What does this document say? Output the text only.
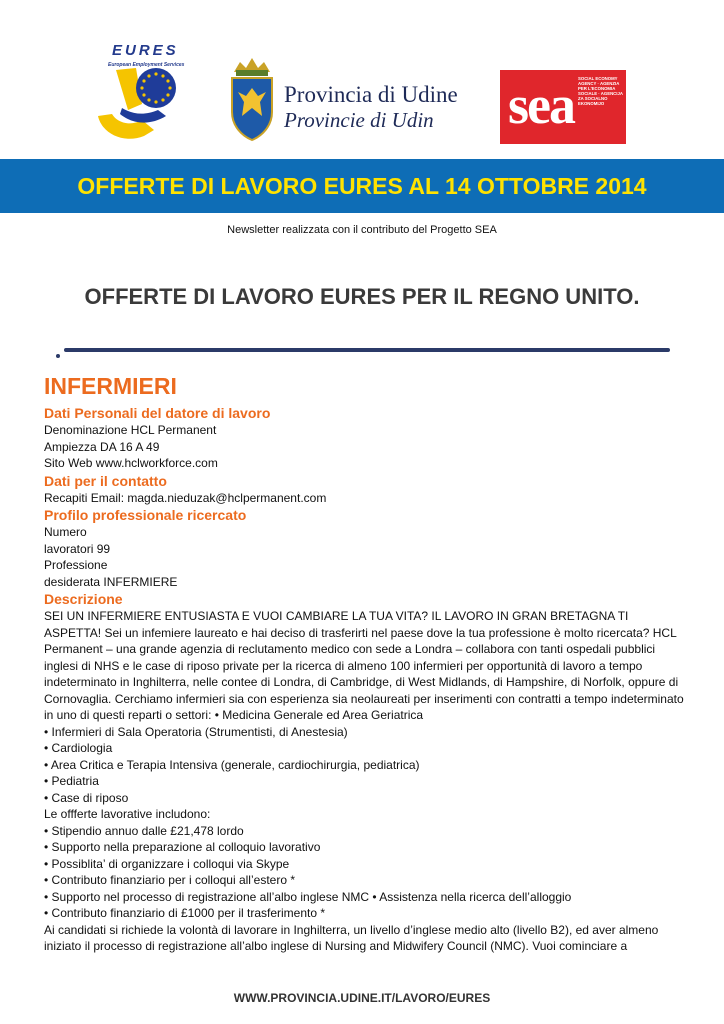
EURES
European Employment Services
Provincia di Udine
Provincie di Udin sea SOCIAL ECONOMY AGENCY · AGENZIA PER L'ECONOMIA SOCIALE · AGENCIJA ZA SOCIALNO EKONOMIJO
OFFERTE DI LAVORO EURES AL 14 OTTOBRE 2014
Newsletter realizzata con il contributo del Progetto SEA
OFFERTE DI LAVORO EURES PER IL REGNO UNITO.
INFERMIERI

Dati Personali del datore di lavoro

Denominazione HCL Permanent

Ampiezza DA 16 A 49

Sito Web www.hclworkforce.com

Dati per il contatto

Recapiti Email: magda.nieduzak@hclpermanent.com

Profilo professionale ricercato

Numero

lavoratori 99

Professione

desiderata INFERMIERE

Descrizione

SEI UN INFERMIERE ENTUSIASTA E VUOI CAMBIARE LA TUA VITA? IL LAVORO IN GRAN BRETAGNA TI ASPETTA! Sei un infemiere laureato e hai deciso di trasferirti nel paese dove la tua professione è molto ricercata? HCL Permanent – una grande agenzia di reclutamento medico con sede a Londra – collabora con tanti ospedali pubblici inglesi di NHS e le case di riposo private per la ricerca di almeno 100 infermieri per opportunità di lavoro a tempo indeterminato in Inghilterra, nelle contee di Londra, di Cambridge, di West Midlands, di Hampshire, di Norfolk, oppure di Cornovaglia. Cerchiamo infermieri sia con esperienza sia neolaureati per inserimenti con contratti a tempo indeterminato in uno di questi reparti o settori: • Medicina Generale ed Area Geriatrica

• Infermieri di Sala Operatoria (Strumentisti, di Anestesia)

• Cardiologia

• Area Critica e Terapia Intensiva (generale, cardiochirurgia, pediatrica)

• Pediatria

• Case di riposo

Le offferte lavorative includono:

• Stipendio annuo dalle £21,478 lordo

• Supporto nella preparazione al colloquio lavorativo

• Possiblita’ di organizzare i colloqui via Skype

• Contributo finanziario per i colloqui all’estero *

• Supporto nel processo di registrazione all’albo inglese NMC • Assistenza nella ricerca dell’alloggio

• Contributo finanziario di £1000 per il trasferimento *

Ai candidati si richiede la volontà di lavorare in Inghilterra, un livello d’inglese medio alto (livello B2), ed aver almeno iniziato il processo di registrazione all’albo inglese di Nursing and Midwifery Council (NMC). Vuoi cominciare a

WWW.PROVINCIA.UDINE.IT/LAVORO/EURES
